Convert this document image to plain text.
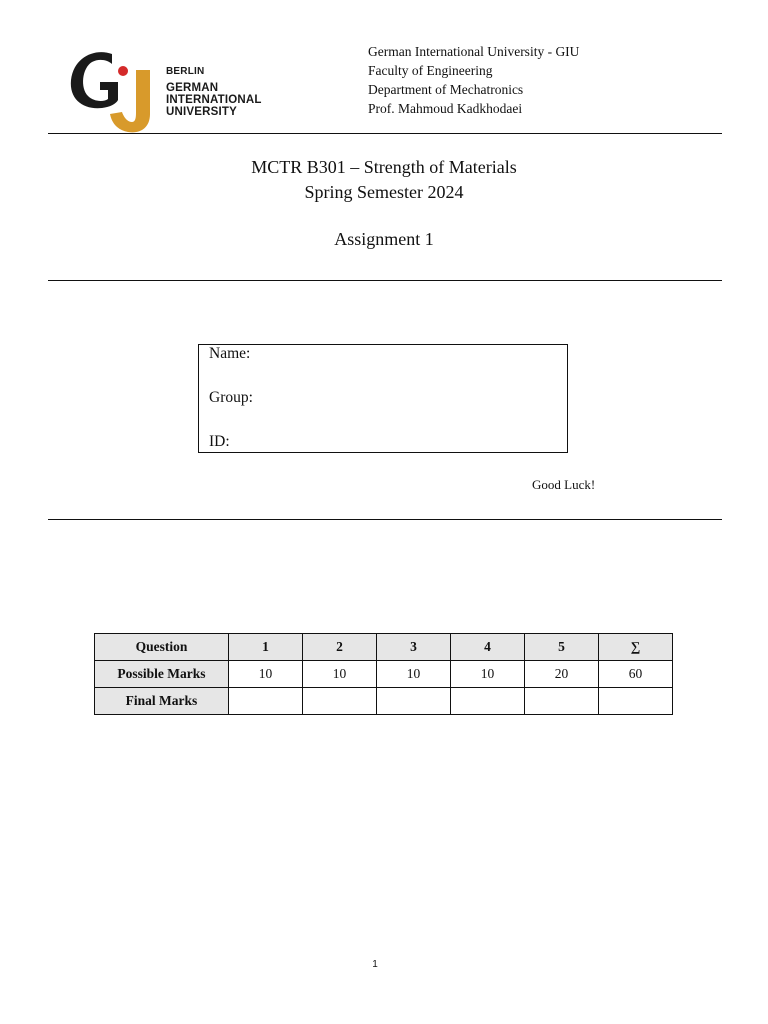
BERLIN
GERMAN
INTERNATIONAL
UNIVERSITY
German International University - GIU
Faculty of Engineering
Department of Mechatronics
Prof. Mahmoud Kadkhodaei
MCTR B301 – Strength of Materials
Spring Semester 2024
Assignment 1
Name:
Group:
ID:
Good Luck!
Question	1	2	3	4	5	∑
Possible Marks	10	10	10	10	20	60
Final Marks						
1
